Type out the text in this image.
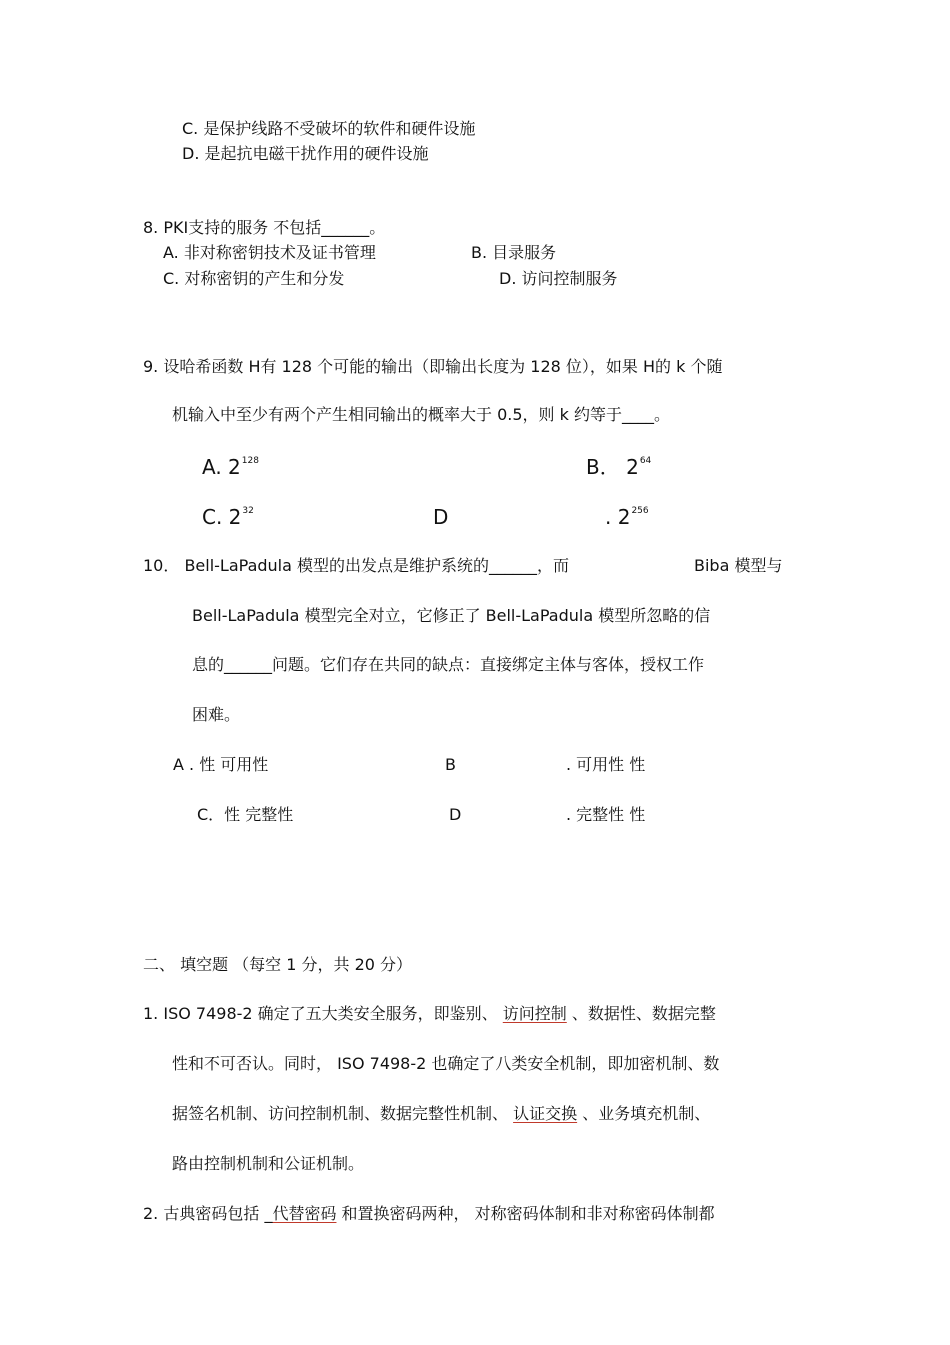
C. 是保护线路不受破坏的软件和硬件设施
D. 是起抗电磁干扰作用的硬件设施
8. PKI支持的服务 不包括______。
A. 非对称密钥技术及证书管理	B. 目录服务
C. 对称密钥的产生和分发	D. 访问控制服务
9. 设哈希函数 H有 128 个可能的输出（即输出长度为 128 位），如果 H的 k 个随
机输入中至少有两个产生相同输出的概率大于 0.5，则 k 约等于____。
A. $2^{128}$	B． $2^{64}$
C. $2^{32}$	D	. $2^{256}$
10． Bell-LaPadula 模型的出发点是维护系统的______，而	Biba 模型与
Bell-LaPadula 模型完全对立，它修正了 Bell-LaPadula 模型所忽略的信
息的______问题。它们存在共同的缺点：直接绑定主体与客体，授权工作
困难。
A . 性 可用性	B	. 可用性 性
C．性 完整性	D	. 完整性 性
二、 填空题 （每空 1 分，共 20 分）
1. ISO 7498-2 确定了五大类安全服务，即鉴别、 访问控制 、数据性、数据完整
性和不可否认。同时， ISO 7498-2 也确定了八类安全机制，即加密机制、数
据签名机制、访问控制机制、数据完整性机制、 认证交换 、业务填充机制、
路由控制机制和公证机制。
2. 古典密码包括 _代替密码 和置换密码两种， 对称密码体制和非对称密码体制都
